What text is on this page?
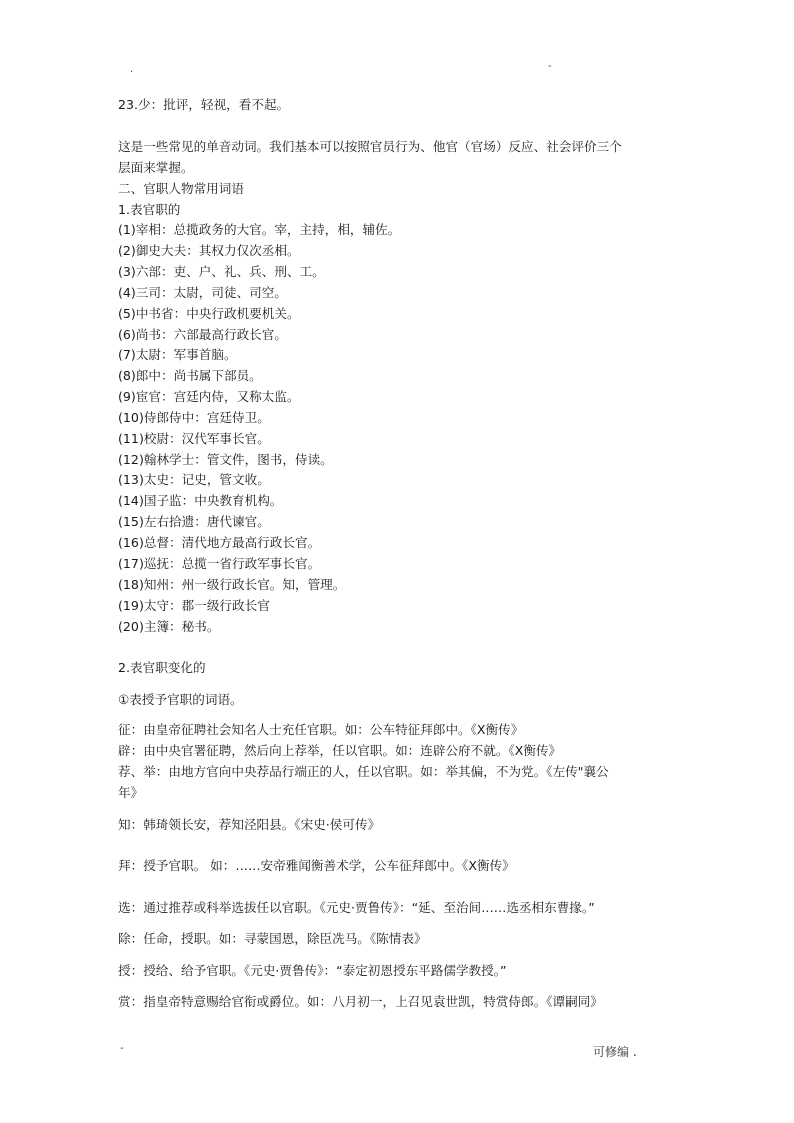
.	-
23.少：批评，轻视，看不起。
这是一些常见的单音动词。我们基本可以按照官员行为、他官（官场）反应、社会评价三个
层面来掌握。
二、官职人物常用词语
1.表官职的
(1)宰相：总揽政务的大官。宰，主持，相，辅佐。
(2)御史大夫：其权力仅次丞相。
(3)六部：吏、户、礼、兵、刑、工。
(4)三司：太尉，司徒、司空。
(5)中书省：中央行政机要机关。
(6)尚书：六部最高行政长官。
(7)太尉：军事首脑。
(8)郎中：尚书属下部员。
(9)宦官：宫廷内侍，又称太监。
(10)侍郎侍中：宫廷侍卫。
(11)校尉：汉代军事长官。
(12)翰林学士：管文件，图书，侍读。
(13)太史：记史，管文收。
(14)国子监：中央教育机构。
(15)左右拾遗：唐代谏官。
(16)总督：清代地方最高行政长官。
(17)巡抚：总揽一省行政军事长官。
(18)知州：州一级行政长官。知，管理。
(19)太守：郡一级行政长官
(20)主簿：秘书。
2.表官职变化的
①表授予官职的词语。
征：由皇帝征聘社会知名人士充任官职。如：公车特征拜郎中。《X衡传》
辟：由中央官署征聘，然后向上荐举，任以官职。如：连辟公府不就。《X衡传》
荐、举：由地方官向中央荐品行端正的人，任以官职。如：举其偏，不为党。《左传"襄公
年》
知：韩琦领长安，荐知泾阳县。《宋史·侯可传》
拜：授予官职。 如：……安帝雅闻衡善术学，公车征拜郎中。《X衡传》
选：通过推荐或科举选拔任以官职。《元史·贾鲁传》：“延、至治间……选丞相东曹掾。”
除：任命，授职。如：寻蒙国恩，除臣冼马。《陈情表》
授：授给、给予官职。《元史·贾鲁传》：“泰定初恩授东平路儒学教授。”
赏：指皇帝特意赐给官衔或爵位。如：八月初一，上召见袁世凯，特赏侍郎。《谭嗣同》
-	可修编 .
